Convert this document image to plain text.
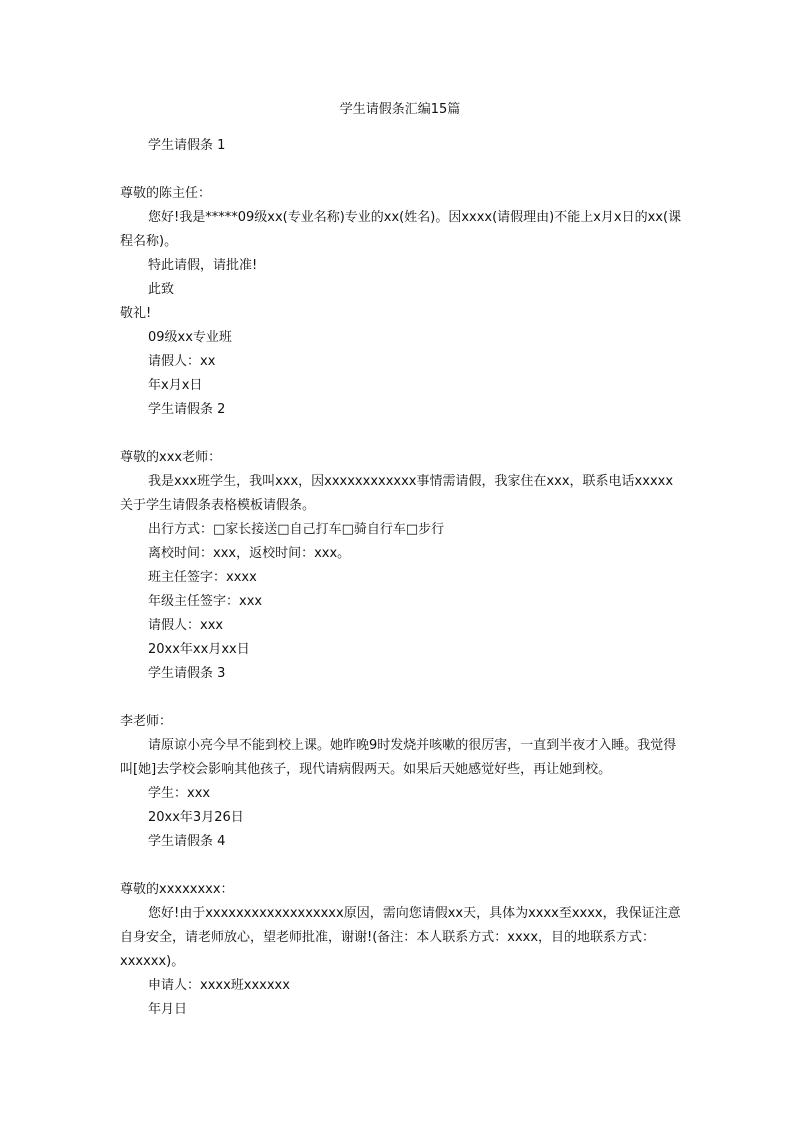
学生请假条汇编15篇

学生请假条 1

尊敬的陈主任：

您好!我是*****09级xx(专业名称)专业的xx(姓名)。因xxxx(请假理由)不能上x月x日的xx(课程名称)。

特此请假，请批准!

此致

敬礼!

09级xx专业班

请假人：xx

年x月x日

学生请假条 2

尊敬的xxx老师：

我是xxx班学生，我叫xxx，因xxxxxxxxxxxx事情需请假，我家住在xxx，联系电话xxxxx关于学生请假条表格模板请假条。

出行方式：□家长接送□自己打车□骑自行车□步行

离校时间：xxx，返校时间：xxx。

班主任签字：xxxx

年级主任签字：xxx

请假人：xxx

20xx年xx月xx日

学生请假条 3

李老师：

请原谅小亮今早不能到校上课。她昨晚9时发烧并咳嗽的很厉害，一直到半夜才入睡。我觉得叫[她]去学校会影响其他孩子，现代请病假两天。如果后天她感觉好些，再让她到校。

学生：xxx

20xx年3月26日

学生请假条 4

尊敬的xxxxxxxx：

您好!由于xxxxxxxxxxxxxxxxxx原因，需向您请假xx天，具体为xxxx至xxxx，我保证注意自身安全，请老师放心，望老师批准，谢谢!(备注：本人联系方式：xxxx，目的地联系方式：xxxxxx)。

申请人：xxxx班xxxxxx

年月日
